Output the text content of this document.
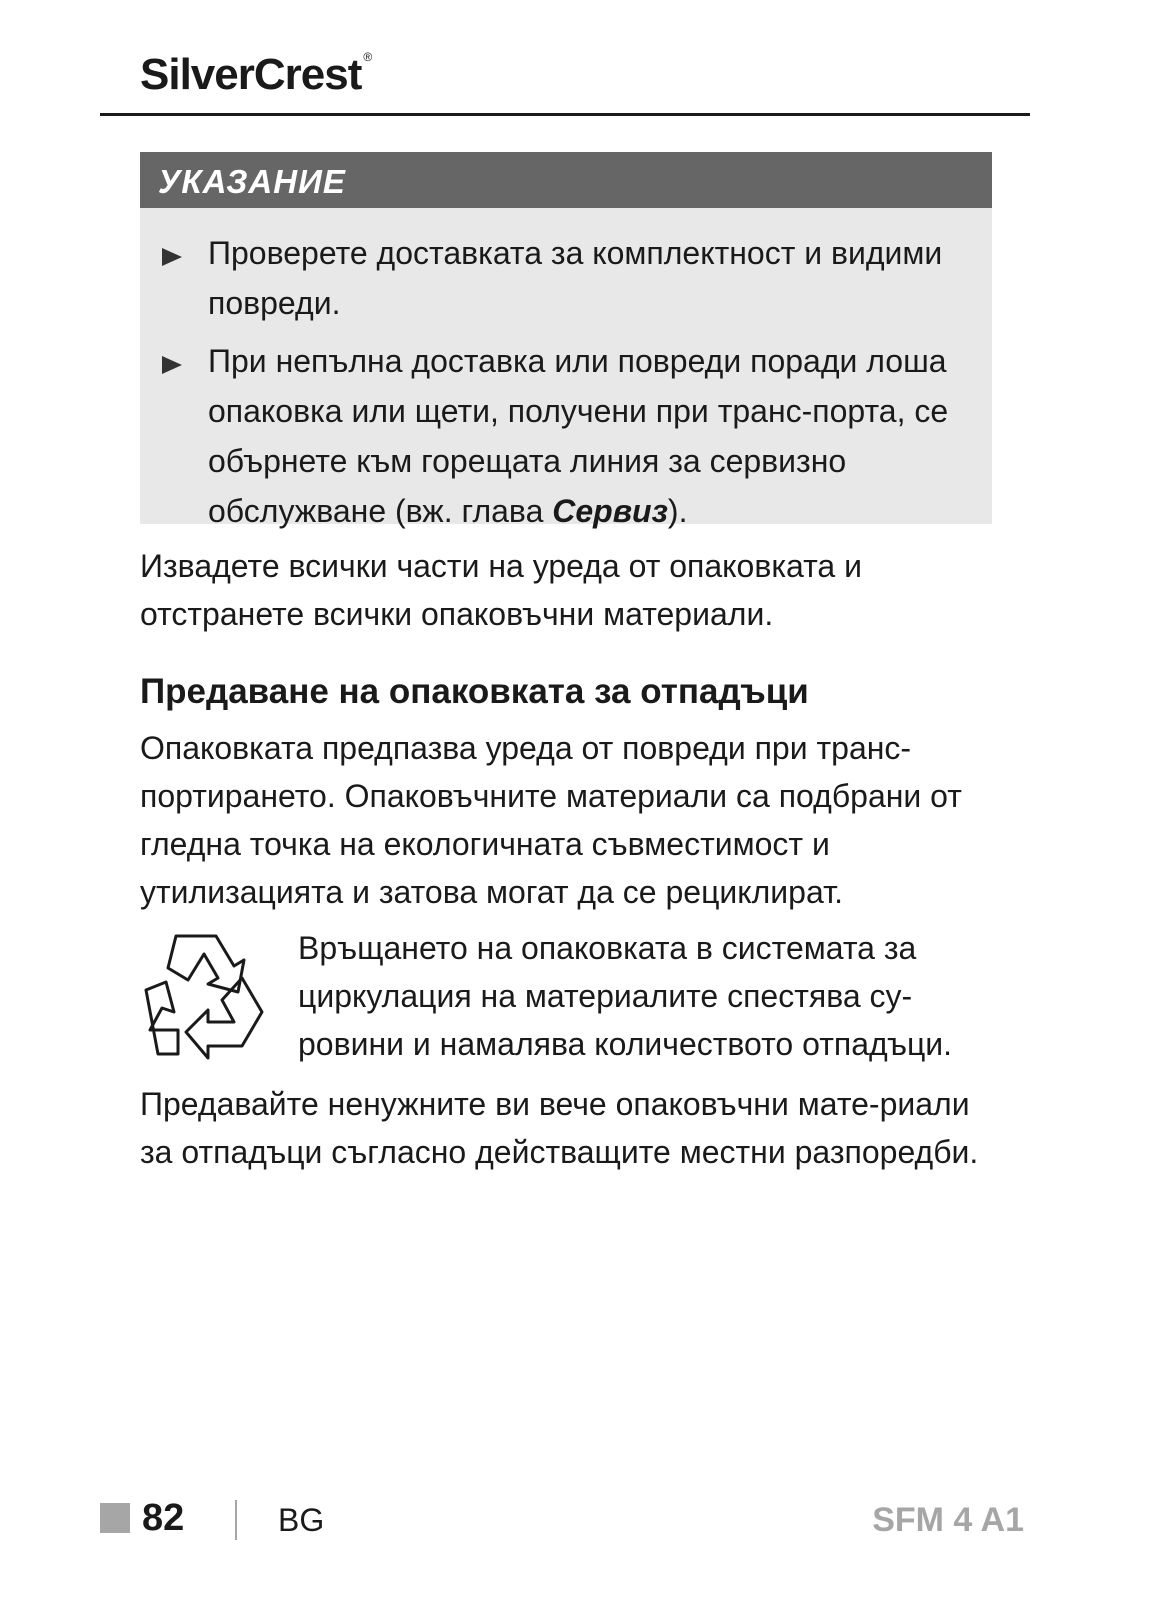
SilverCrest ®
УКАЗАНИЕ
Проверете доставката за комплектност и видими повреди.
При непълна доставка или повреди поради лоша опаковка или щети, получени при транс-порта, се обърнете към горещата линия за сервизно обслужване (вж. глава Сервиз).
Извадете всички части на уреда от опаковката и отстранете всички опаковъчни материали.
Предаване на опаковката за отпадъци
Опаковката предпазва уреда от повреди при транс-портирането. Опаковъчните материали са подбрани от гледна точка на екологичната съвместимост и утилизацията и затова могат да се рециклират.
Връщането на опаковката в системата за циркулация на материалите спестява су-ровини и намалява количеството отпадъци.
Предавайте ненужните ви вече опаковъчни мате-риали за отпадъци съгласно действащите местни разпоредби.
82	BG	SFM 4 A1
